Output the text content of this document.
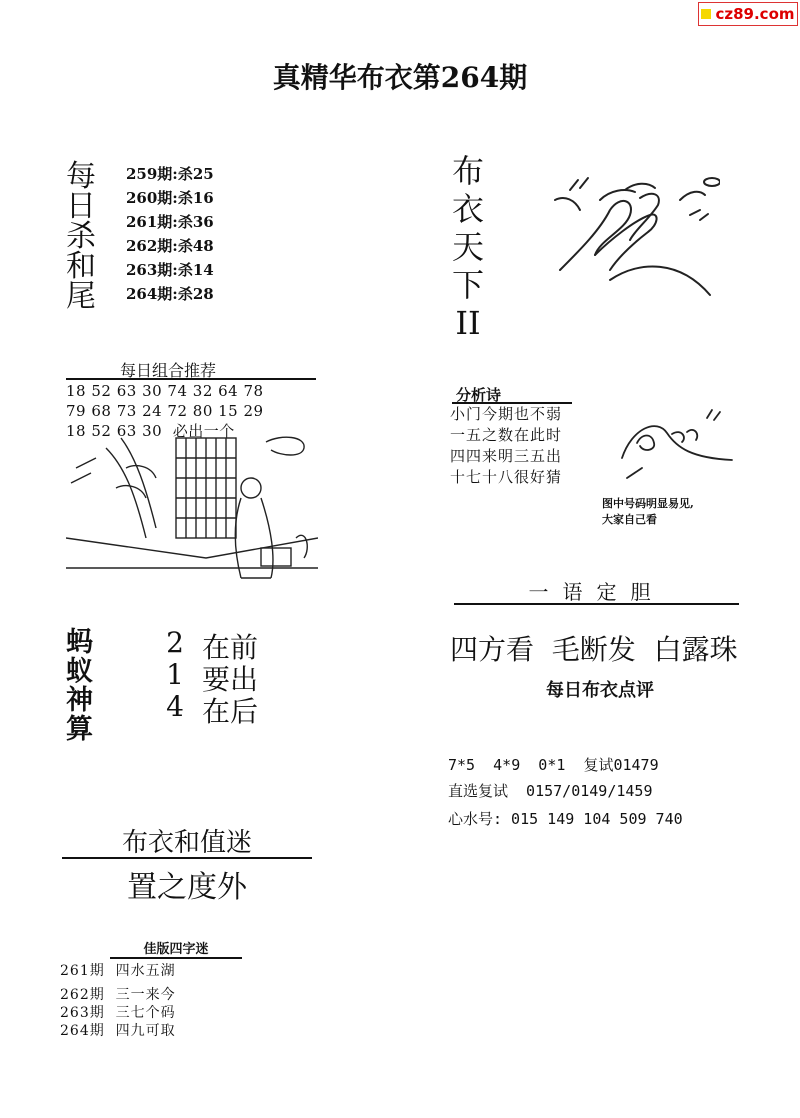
cz89.com
真精华布衣第264期
每日杀和尾
259期:杀25
260期:杀16
261期:杀36
262期:杀48
263期:杀14
264期:杀28
布衣天下II
每日组合推荐
18 52 63 30 74 32 64 78
79 68 73 24 72 80 15 29
18 52 63 30  必出一个
蚂蚁神算
2 在前
1 要出
4 在后
分析诗
小门今期也不弱
一五之数在此时
四四来明三五出
十七十八很好猜
图中号码明显易见,
大家自己看
一语定胆
四方看  毛断发  白露珠
每日布衣点评
7*5  4*9  0*1  复试01479
直选复试  0157/0149/1459
心水号: 015 149 104 509 740
布衣和值迷
置之度外
佳版四字迷
261期 四水五湖
262期 三一来今
263期 三七个码
264期 四九可取
